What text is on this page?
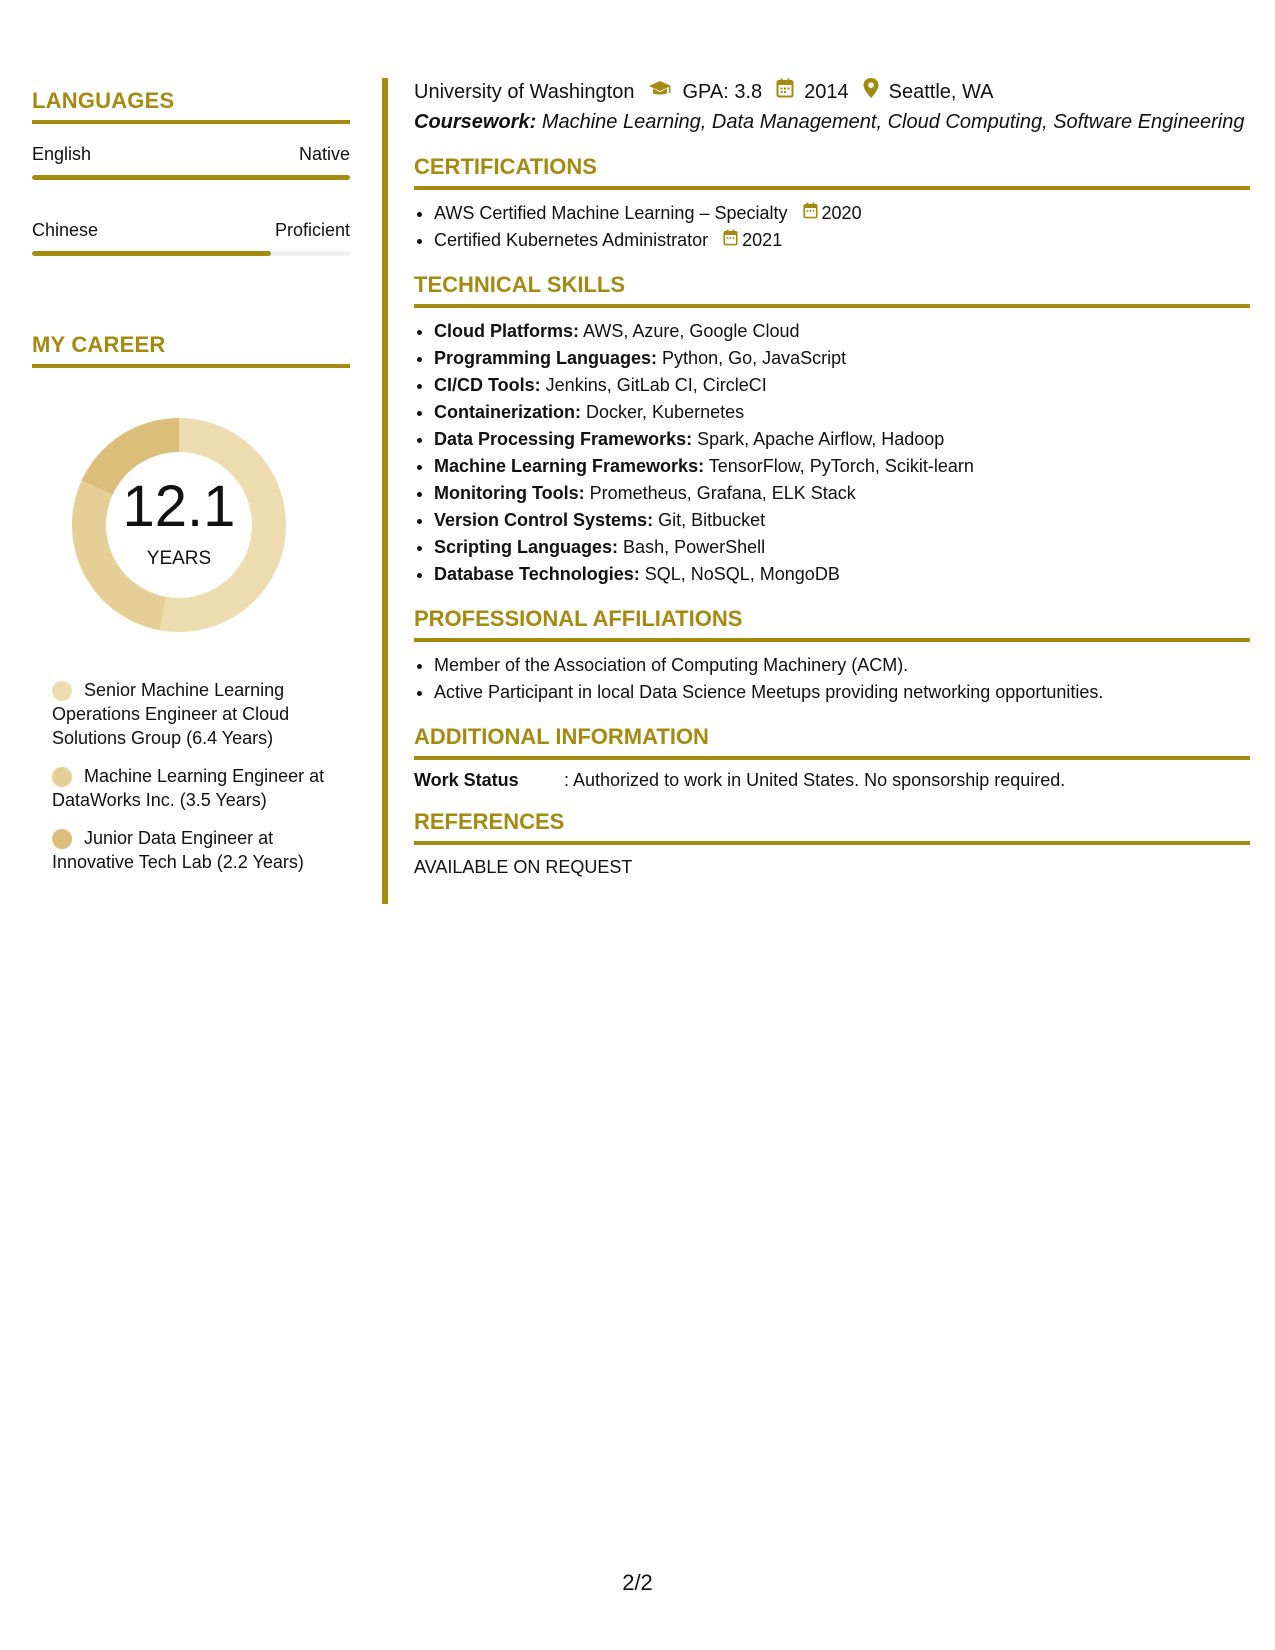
LANGUAGES
English	Native
Chinese	Proficient
MY CAREER
12.1
YEARS
Senior Machine Learning Operations Engineer at Cloud Solutions Group (6.4 Years)
Machine Learning Engineer at DataWorks Inc. (3.5 Years)
Junior Data Engineer at Innovative Tech Lab (2.2 Years)
University of Washington GPA: 3.8 2014 Seattle, WA
Coursework: Machine Learning, Data Management, Cloud Computing, Software Engineering
CERTIFICATIONS
• AWS Certified Machine Learning – Specialty 2020
• Certified Kubernetes Administrator 2021
TECHNICAL SKILLS
• Cloud Platforms: AWS, Azure, Google Cloud
• Programming Languages: Python, Go, JavaScript
• CI/CD Tools: Jenkins, GitLab CI, CircleCI
• Containerization: Docker, Kubernetes
• Data Processing Frameworks: Spark, Apache Airflow, Hadoop
• Machine Learning Frameworks: TensorFlow, PyTorch, Scikit-learn
• Monitoring Tools: Prometheus, Grafana, ELK Stack
• Version Control Systems: Git, Bitbucket
• Scripting Languages: Bash, PowerShell
• Database Technologies: SQL, NoSQL, MongoDB
PROFESSIONAL AFFILIATIONS
• Member of the Association of Computing Machinery (ACM).
• Active Participant in local Data Science Meetups providing networking opportunities.
ADDITIONAL INFORMATION
Work Status	: Authorized to work in United States. No sponsorship required.
REFERENCES
AVAILABLE ON REQUEST
2/2
